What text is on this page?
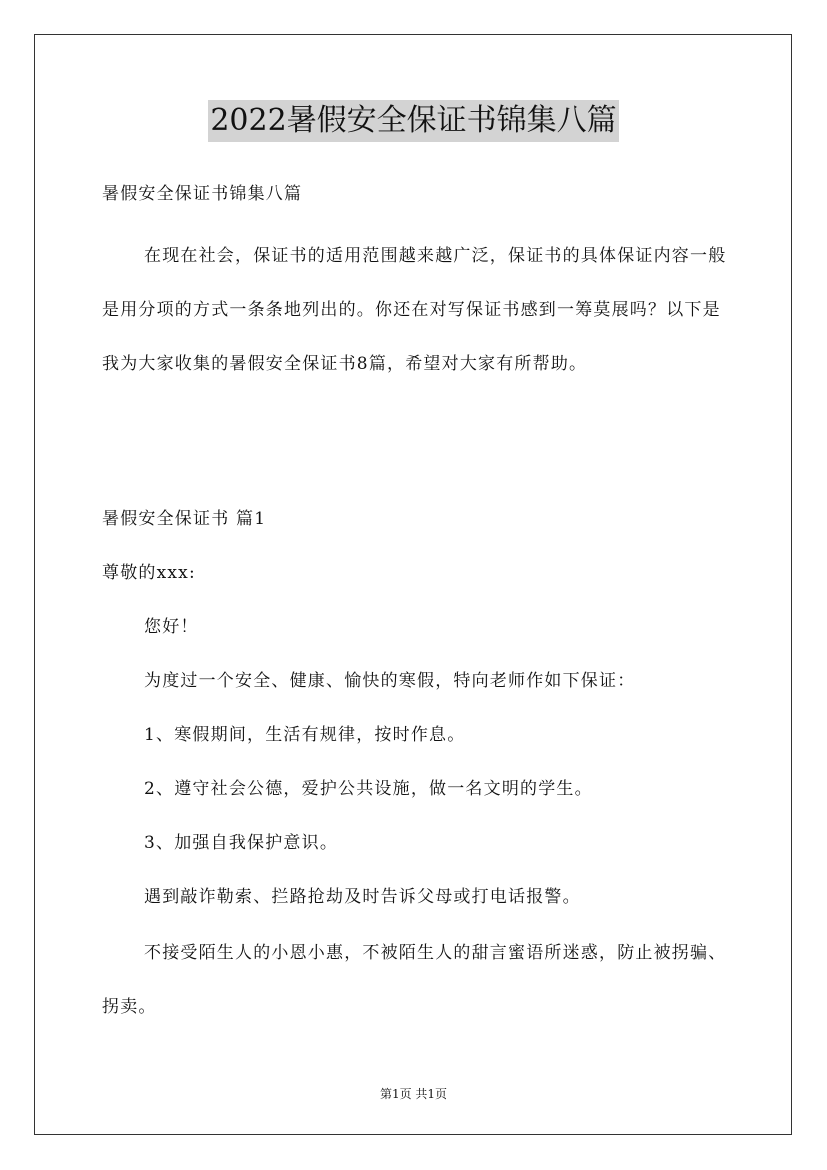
2022暑假安全保证书锦集八篇

暑假安全保证书锦集八篇

在现在社会，保证书的适用范围越来越广泛，保证书的具体保证内容一般是用分项的方式一条条地列出的。你还在对写保证书感到一筹莫展吗？以下是我为大家收集的暑假安全保证书8篇，希望对大家有所帮助。

暑假安全保证书 篇1

尊敬的xxx:

您好！

为度过一个安全、健康、愉快的寒假，特向老师作如下保证：

1、寒假期间，生活有规律，按时作息。

2、遵守社会公德，爱护公共设施，做一名文明的学生。

3、加强自我保护意识。

遇到敲诈勒索、拦路抢劫及时告诉父母或打电话报警。

不接受陌生人的小恩小惠，不被陌生人的甜言蜜语所迷惑，防止被拐骗、拐卖。

第1页 共1页
